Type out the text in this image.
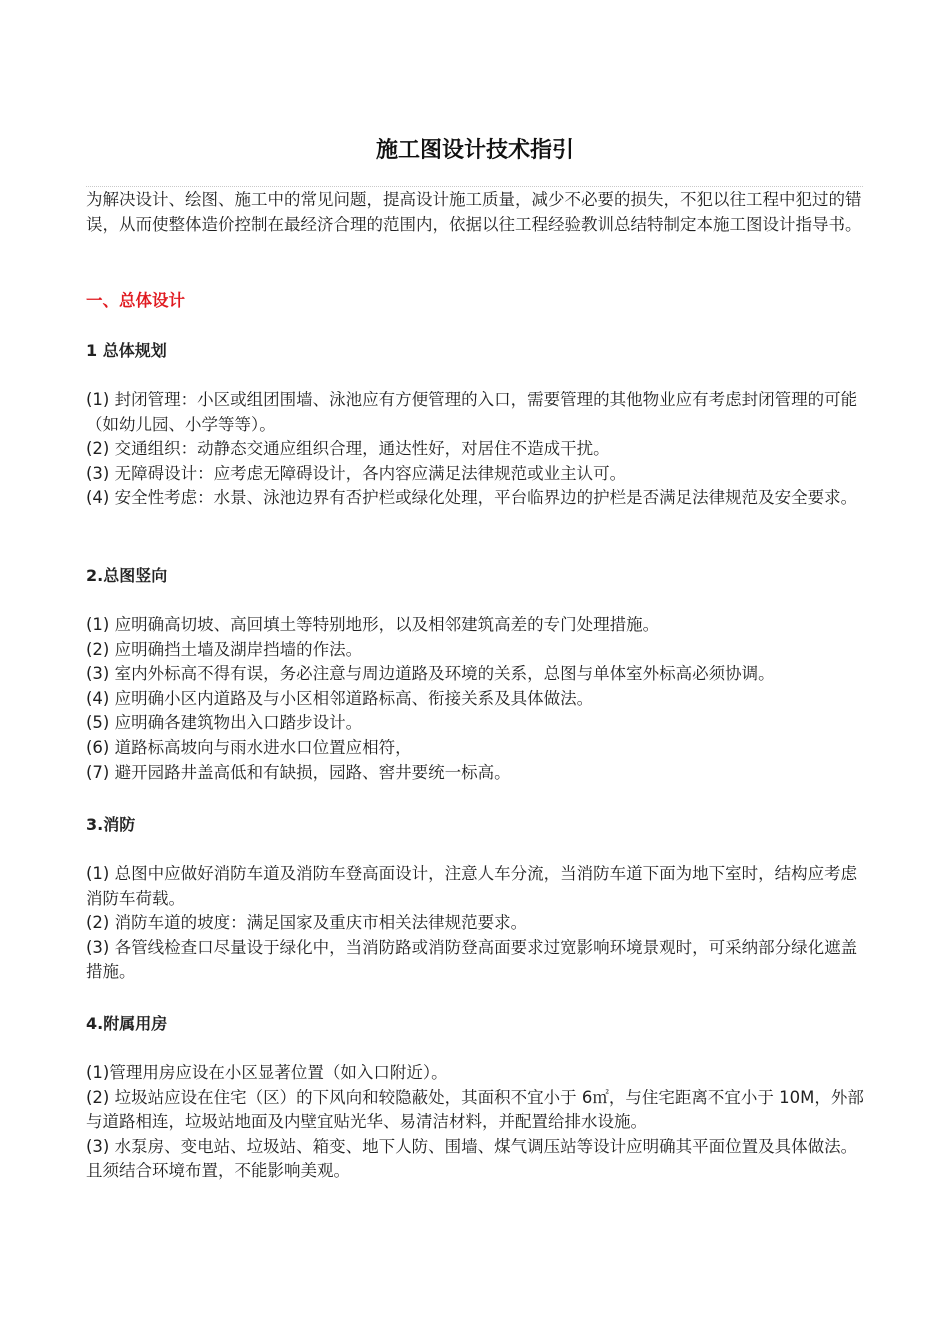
施工图设计技术指引

为解决设计、绘图、施工中的常见问题，提高设计施工质量，减少不必要的损失，不犯以往工程中犯过的错误，从而使整体造价控制在最经济合理的范围内，依据以往工程经验教训总结特制定本施工图设计指导书。

一、总体设计
1 总体规划

(1) 封闭管理：小区或组团围墙、泳池应有方便管理的入口，需要管理的其他物业应有考虑封闭管理的可能（如幼儿园、小学等等）。

(2) 交通组织：动静态交通应组织合理，通达性好，对居住不造成干扰。

(3) 无障碍设计：应考虑无障碍设计，各内容应满足法律规范或业主认可。

(4) 安全性考虑：水景、泳池边界有否护栏或绿化处理，平台临界边的护栏是否满足法律规范及安全要求。

2.总图竖向

(1) 应明确高切坡、高回填土等特别地形，以及相邻建筑高差的专门处理措施。

(2) 应明确挡土墙及湖岸挡墙的作法。

(3) 室内外标高不得有误，务必注意与周边道路及环境的关系，总图与单体室外标高必须协调。

(4) 应明确小区内道路及与小区相邻道路标高、衔接关系及具体做法。

(5) 应明确各建筑物出入口踏步设计。

(6) 道路标高坡向与雨水进水口位置应相符，

(7) 避开园路井盖高低和有缺损，园路、窖井要统一标高。

3.消防

(1) 总图中应做好消防车道及消防车登高面设计，注意人车分流，当消防车道下面为地下室时，结构应考虑消防车荷载。

(2) 消防车道的坡度：满足国家及重庆市相关法律规范要求。

(3) 各管线检查口尽量设于绿化中，当消防路或消防登高面要求过宽影响环境景观时，可采纳部分绿化遮盖措施。

4.附属用房

(1)管理用房应设在小区显著位置（如入口附近）。

(2) 垃圾站应设在住宅（区）的下风向和较隐蔽处，其面积不宜小于 6㎡，与住宅距离不宜小于 10M，外部与道路相连，垃圾站地面及内壁宜贴光华、易清洁材料，并配置给排水设施。

(3) 水泵房、变电站、垃圾站、箱变、地下人防、围墙、煤气调压站等设计应明确其平面位置及具体做法。且须结合环境布置，不能影响美观。
